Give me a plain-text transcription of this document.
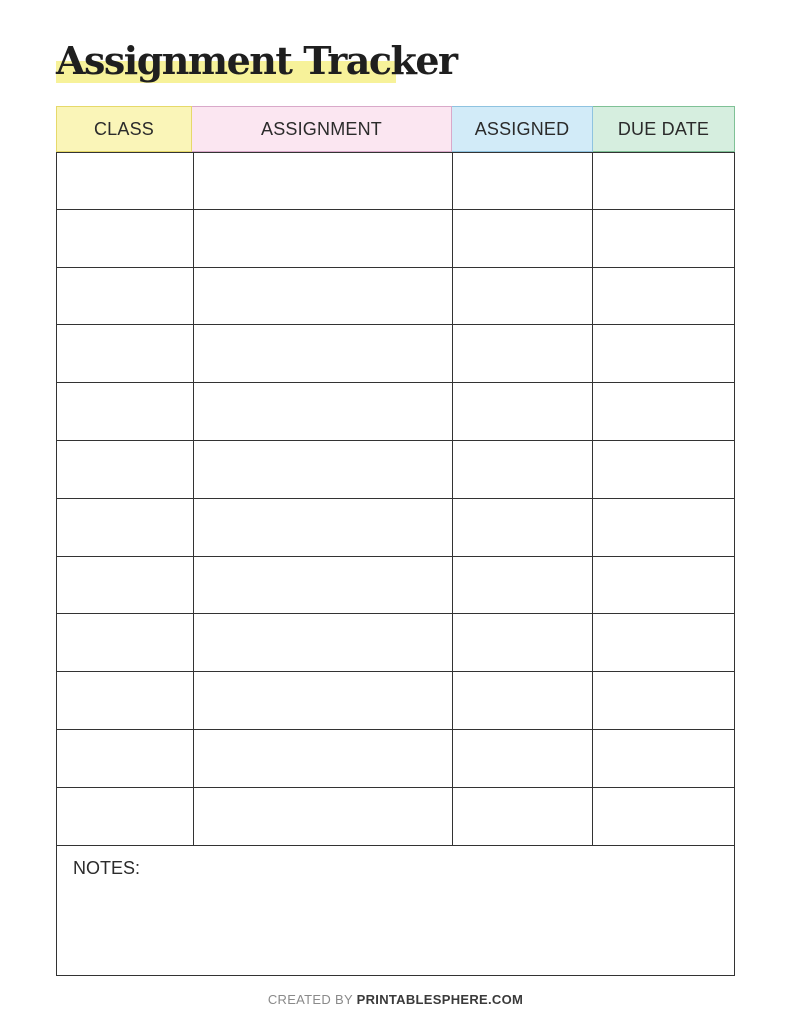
Assignment Tracker
CLASS	ASSIGNMENT	ASSIGNED	DUE DATE
NOTES:
CREATED BY PRINTABLESPHERE.COM
